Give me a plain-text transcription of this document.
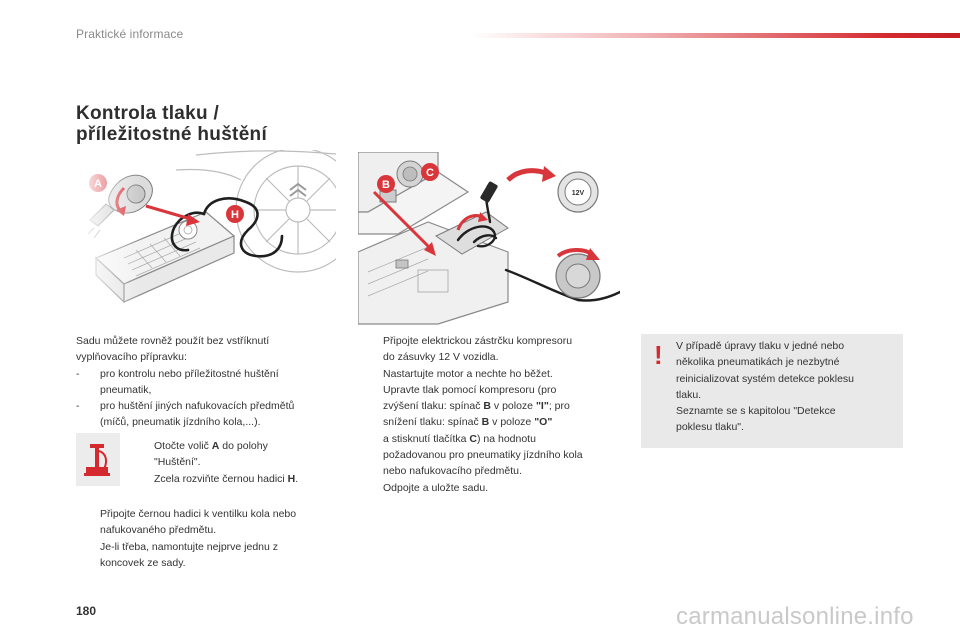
Praktické informace
Kontrola tlaku /
příležitostné huštění
B
C
12V

Sadu můžete rovněž použít bez vstříknutí

vyplňovacího přípravku:

- pro kontrolu nebo příležitostné huštění

pneumatik,

- pro huštění jiných nafukovacích předmětů

(míčů, pneumatik jízdního kola,...).

Otočte volič A do polohy

"Huštění".

Zcela rozviňte černou hadici H.

Připojte černou hadici k ventilku kola nebo

nafukovaného předmětu.

Je-li třeba, namontujte nejprve jednu z

koncovek ze sady.

Připojte elektrickou zástrčku kompresoru

do zásuvky 12 V vozidla.

Nastartujte motor a nechte ho běžet.

Upravte tlak pomocí kompresoru (pro

zvýšení tlaku: spínač B v poloze "I"; pro

snížení tlaku: spínač B v poloze "O"

a stisknutí tlačítka C) na hodnotu

požadovanou pro pneumatiky jízdního kola

nebo nafukovacího předmětu.

Odpojte a uložte sadu.

! V případě úpravy tlaku v jedné nebo

několika pneumatikách je nezbytné

reinicializovat systém detekce poklesu

tlaku.

Seznamte se s kapitolou "Detekce

poklesu tlaku".

180	carmanualsonline.info
